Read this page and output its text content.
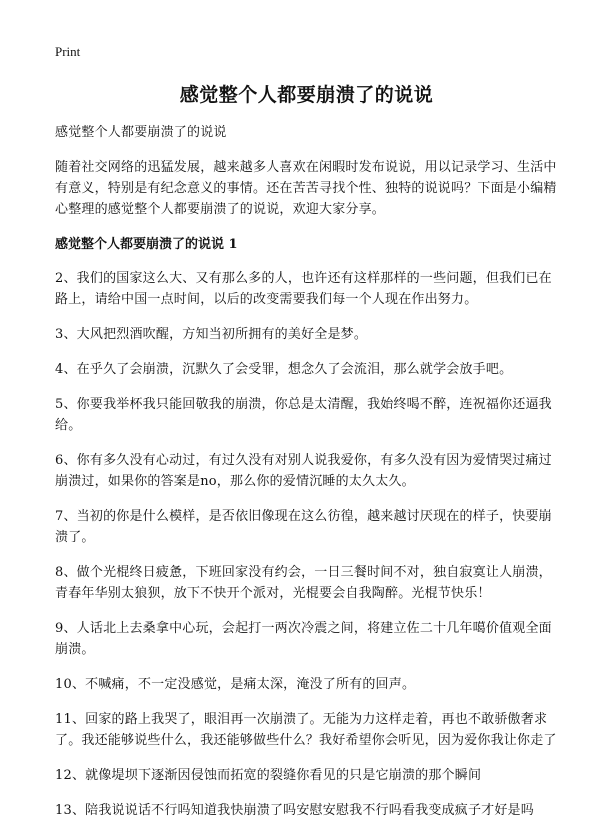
Print
感觉整个人都要崩溃了的说说
感觉整个人都要崩溃了的说说
随着社交网络的迅猛发展，越来越多人喜欢在闲暇时发布说说，用以记录学习、生活中有意义，特别是有纪念意义的事情。还在苦苦寻找个性、独特的说说吗？下面是小编精心整理的感觉整个人都要崩溃了的说说，欢迎大家分享。
感觉整个人都要崩溃了的说说 1
2、我们的国家这么大、又有那么多的人，也许还有这样那样的一些问题，但我们已在路上，请给中国一点时间，以后的改变需要我们每一个人现在作出努力。
3、大风把烈酒吹醒，方知当初所拥有的美好全是梦。
4、在乎久了会崩溃，沉默久了会受罪，想念久了会流泪，那么就学会放手吧。
5、你要我举杯我只能回敬我的崩溃，你总是太清醒，我始终喝不醉，连祝福你还逼我给。
6、你有多久没有心动过，有过久没有对别人说我爱你，有多久没有因为爱情哭过痛过崩溃过，如果你的答案是no，那么你的爱情沉睡的太久太久。
7、当初的你是什么模样，是否依旧像现在这么彷徨，越来越讨厌现在的样子，快要崩溃了。
8、做个光棍终日疲惫，下班回家没有约会，一日三餐时间不对，独自寂寞让人崩溃，青春年华别太狼狈，放下不快开个派对，光棍要会自我陶醉。光棍节快乐！
9、人话北上去桑拿中心玩，会起打一两次冷震之间，将建立佐二十几年噶价值观全面崩溃。
10、不喊痛，不一定没感觉，是痛太深，淹没了所有的回声。
11、回家的路上我哭了，眼泪再一次崩溃了。无能为力这样走着，再也不敢骄傲奢求了。我还能够说些什么，我还能够做些什么？我好希望你会听见，因为爱你我让你走了
12、就像堤坝下逐渐因侵蚀而拓宽的裂缝你看见的只是它崩溃的那个瞬间
13、陪我说说话不行吗知道我快崩溃了吗安慰安慰我不行吗看我变成疯子才好是吗
